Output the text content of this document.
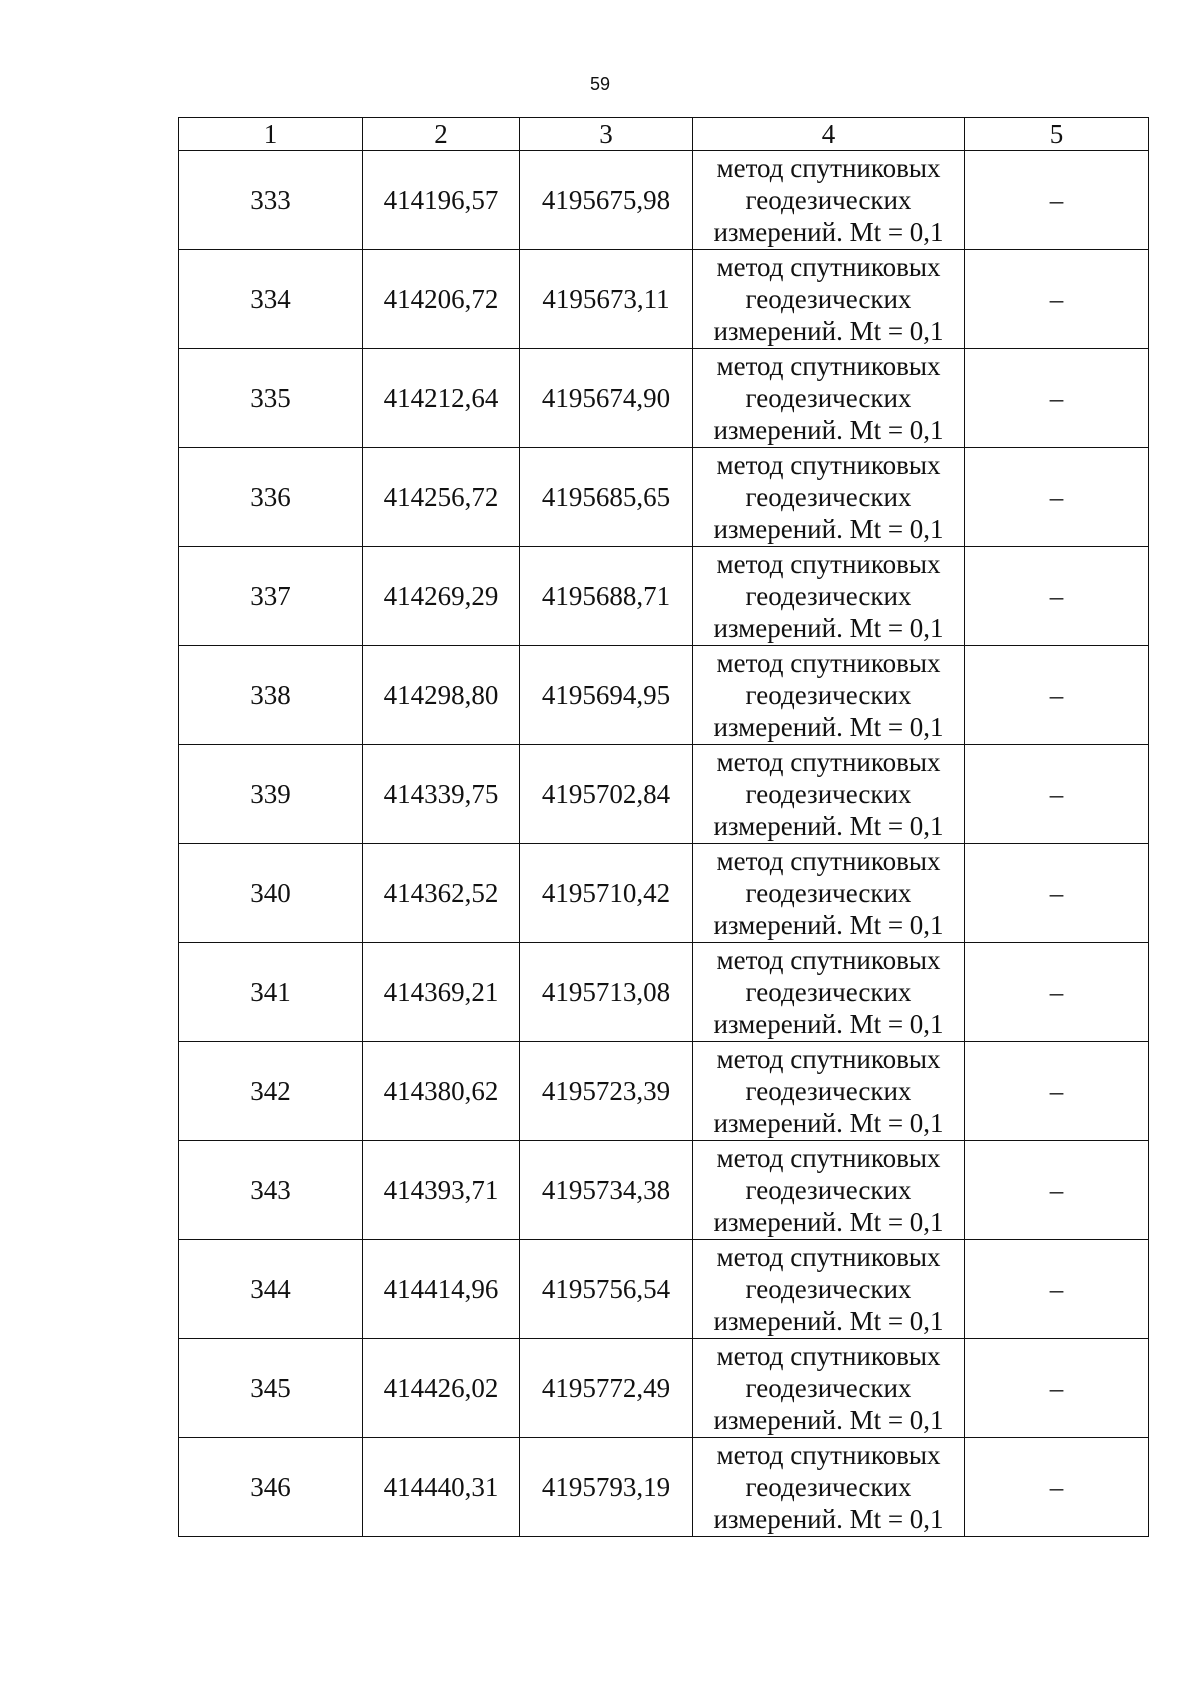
59
1	2	3	4	5
333	414196,57	4195675,98	метод спутниковых
геодезических
измерений. Mt = 0,1	–
334	414206,72	4195673,11	метод спутниковых
геодезических
измерений. Mt = 0,1	–
335	414212,64	4195674,90	метод спутниковых
геодезических
измерений. Mt = 0,1	–
336	414256,72	4195685,65	метод спутниковых
геодезических
измерений. Mt = 0,1	–
337	414269,29	4195688,71	метод спутниковых
геодезических
измерений. Mt = 0,1	–
338	414298,80	4195694,95	метод спутниковых
геодезических
измерений. Mt = 0,1	–
339	414339,75	4195702,84	метод спутниковых
геодезических
измерений. Mt = 0,1	–
340	414362,52	4195710,42	метод спутниковых
геодезических
измерений. Mt = 0,1	–
341	414369,21	4195713,08	метод спутниковых
геодезических
измерений. Mt = 0,1	–
342	414380,62	4195723,39	метод спутниковых
геодезических
измерений. Mt = 0,1	–
343	414393,71	4195734,38	метод спутниковых
геодезических
измерений. Mt = 0,1	–
344	414414,96	4195756,54	метод спутниковых
геодезических
измерений. Mt = 0,1	–
345	414426,02	4195772,49	метод спутниковых
геодезических
измерений. Mt = 0,1	–
346	414440,31	4195793,19	метод спутниковых
геодезических
измерений. Mt = 0,1	–
